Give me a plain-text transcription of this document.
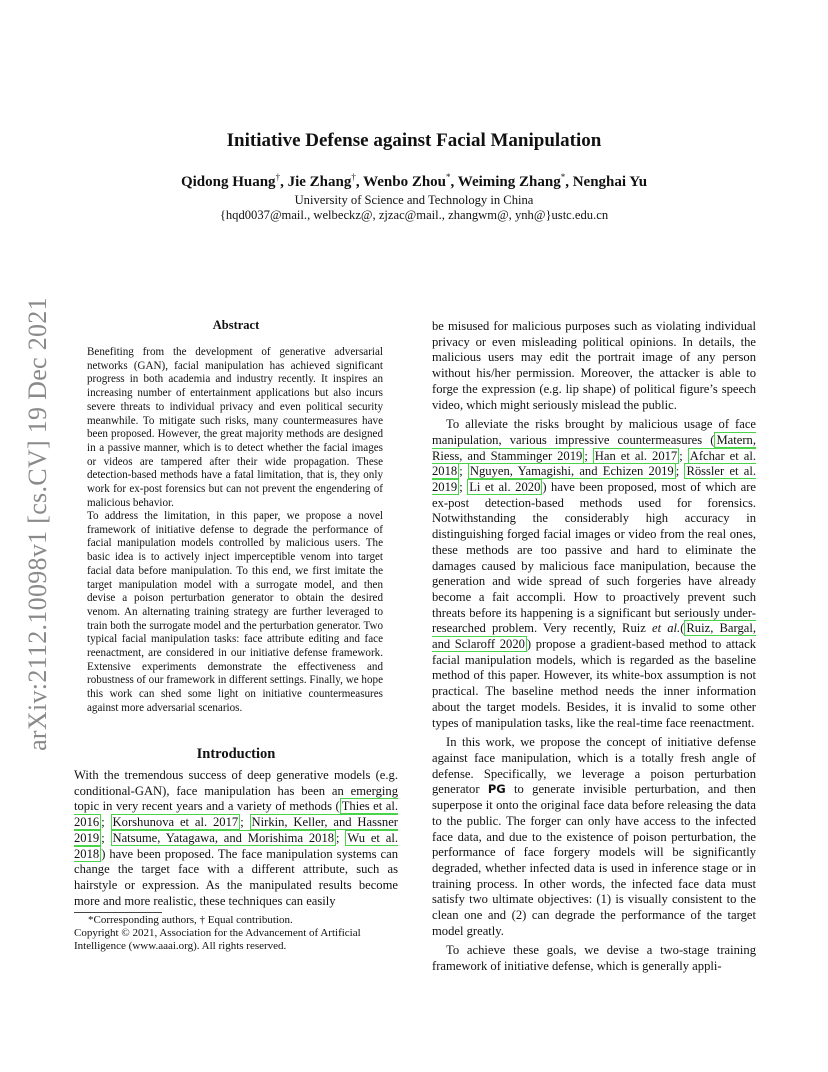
arXiv:2112.10098v1 [cs.CV] 19 Dec 2021
Initiative Defense against Facial Manipulation
Qidong Huang†, Jie Zhang†, Wenbo Zhou*, Weiming Zhang*, Nenghai Yu
University of Science and Technology in China
{hqd0037@mail., welbeckz@, zjzac@mail., zhangwm@, ynh@}ustc.edu.cn
Abstract

Benefiting from the development of generative adversarial networks (GAN), facial manipulation has achieved significant progress in both academia and industry recently. It inspires an increasing number of entertainment applications but also incurs severe threats to individual privacy and even political security meanwhile. To mitigate such risks, many countermeasures have been proposed. However, the great majority methods are designed in a passive manner, which is to detect whether the facial images or videos are tampered after their wide propagation. These detection-based methods have a fatal limitation, that is, they only work for ex-post forensics but can not prevent the engendering of malicious behavior.

To address the limitation, in this paper, we propose a novel framework of initiative defense to degrade the performance of facial manipulation models controlled by malicious users. The basic idea is to actively inject imperceptible venom into target facial data before manipulation. To this end, we first imitate the target manipulation model with a surrogate model, and then devise a poison perturbation generator to obtain the desired venom. An alternating training strategy are further leveraged to train both the surrogate model and the perturbation generator. Two typical facial manipulation tasks: face attribute editing and face reenactment, are considered in our initiative defense framework. Extensive experiments demonstrate the effectiveness and robustness of our framework in different settings. Finally, we hope this work can shed some light on initiative countermeasures against more adversarial scenarios.

Introduction

With the tremendous success of deep generative models (e.g. conditional-GAN), face manipulation has been an emerging topic in very recent years and a variety of methods ( Thies et al. 2016 ; Korshunova et al. 2017 ; Nirkin, Keller, and Hassner 2019 ; Natsume, Yatagawa, and Morishima 2018 ; Wu et al. 2018 ) have been proposed. The face manipulation systems can change the target face with a different attribute, such as hairstyle or expression. As the manipulated results become more and more realistic, these techniques can easily

*Corresponding authors, † Equal contribution.

Copyright © 2021, Association for the Advancement of Artificial Intelligence (www.aaai.org). All rights reserved.

be misused for malicious purposes such as violating individual privacy or even misleading political opinions. In details, the malicious users may edit the portrait image of any person without his/her permission. Moreover, the attacker is able to forge the expression (e.g. lip shape) of political figure’s speech video, which might seriously mislead the public.

To alleviate the risks brought by malicious usage of face manipulation, various impressive countermeasures ( Matern, Riess, and Stamminger 2019 ; Han et al. 2017 ; Afchar et al. 2018 ; Nguyen, Yamagishi, and Echizen 2019 ; Rössler et al. 2019 ; Li et al. 2020 ) have been proposed, most of which are ex-post detection-based methods used for forensics. Notwithstanding the considerably high accuracy in distinguishing forged facial images or video from the real ones, these methods are too passive and hard to eliminate the damages caused by malicious face manipulation, because the generation and wide spread of such forgeries have already become a fait accompli. How to proactively prevent such threats before its happening is a significant but seriously under-researched problem. Very recently, Ruiz et al.( Ruiz, Bargal, and Sclaroff 2020 ) propose a gradient-based method to attack facial manipulation models, which is regarded as the baseline method of this paper. However, its white-box assumption is not practical. The baseline method needs the inner information about the target models. Besides, it is invalid to some other types of manipulation tasks, like the real-time face reenactment.

In this work, we propose the concept of initiative defense against face manipulation, which is a totally fresh angle of defense. Specifically, we leverage a poison perturbation generator PG to generate invisible perturbation, and then superpose it onto the original face data before releasing the data to the public. The forger can only have access to the infected face data, and due to the existence of poison perturbation, the performance of face forgery models will be significantly degraded, whether infected data is used in inference stage or in training process. In other words, the infected face data must satisfy two ultimate objectives: (1) is visually consistent to the clean one and (2) can degrade the performance of the target model greatly.

To achieve these goals, we devise a two-stage training framework of initiative defense, which is generally appli-
